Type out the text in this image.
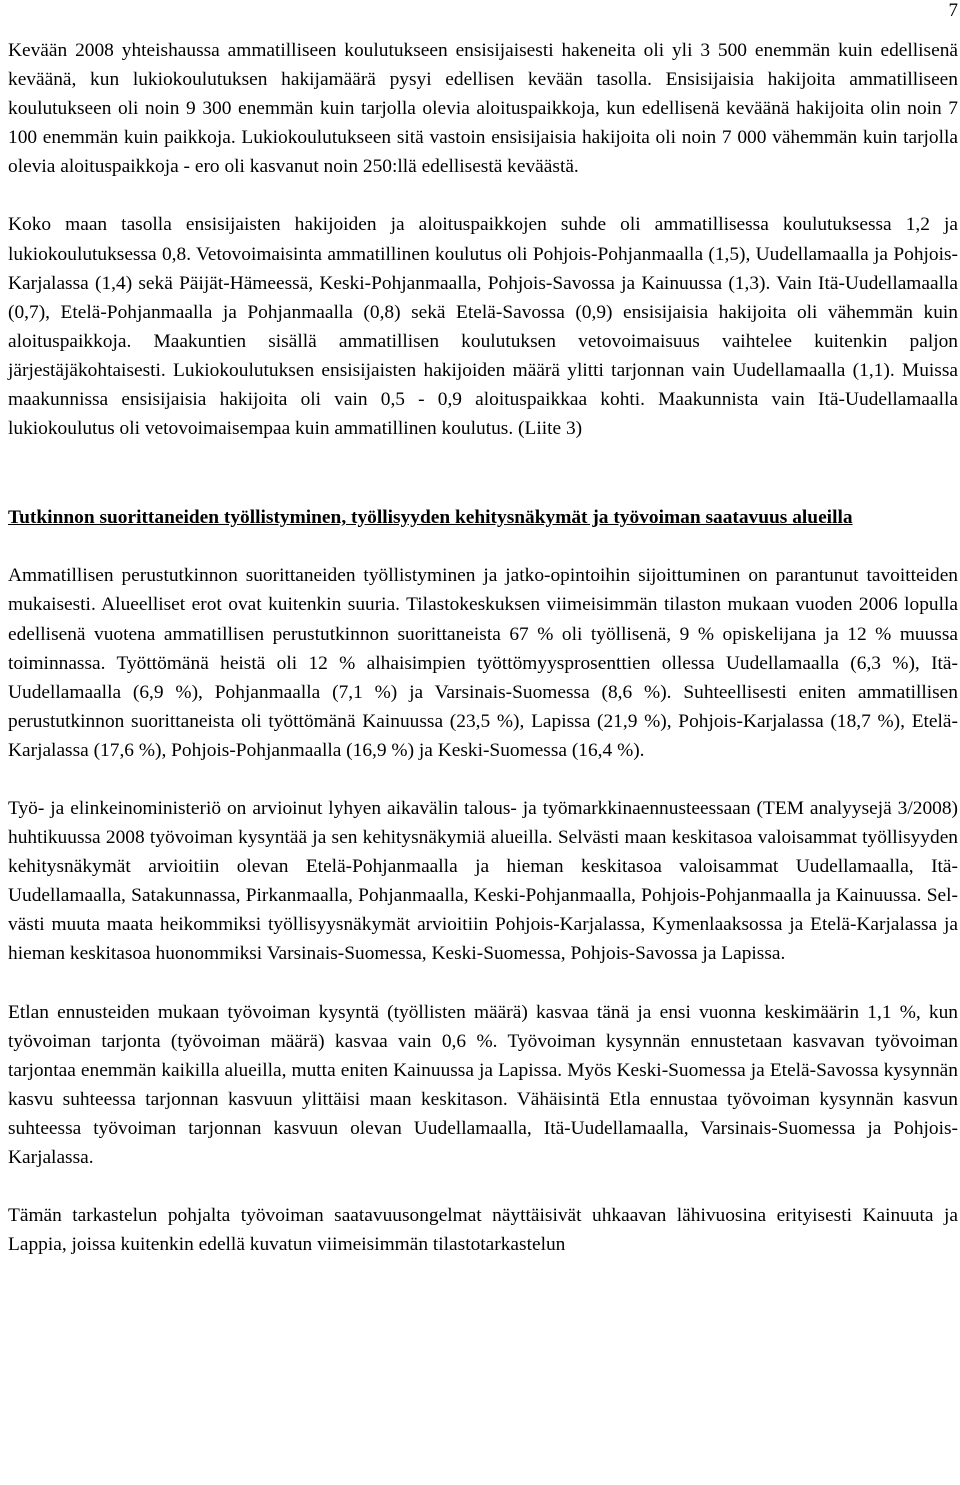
7

Kevään 2008 yhteishaussa ammatilliseen koulutukseen ensisijaisesti hakeneita oli yli 3 500 enemmän kuin edellisenä keväänä, kun lukiokoulutuksen hakijamäärä pysyi edellisen kevään tasolla. Ensisijaisia hakijoita ammatilliseen koulutukseen oli noin 9 300 enemmän kuin tarjolla olevia aloituspaikkoja, kun edellisenä keväänä hakijoita olin noin 7 100 enemmän kuin paikkoja. Lukiokoulutukseen sitä vastoin ensisijaisia hakijoita oli noin 7 000 vähemmän kuin tarjolla olevia aloituspaikkoja - ero oli kasvanut noin 250:llä edellisestä keväästä.

Koko maan tasolla ensisijaisten hakijoiden ja aloituspaikkojen suhde oli ammatillisessa koulutuksessa 1,2 ja lukiokoulutuksessa 0,8. Vetovoimaisinta ammatillinen koulutus oli Pohjois-Pohjanmaalla (1,5), Uudellamaalla ja Pohjois-Karjalassa (1,4) sekä Päijät-Hämeessä, Keski-Pohjanmaalla, Pohjois-Savossa ja Kainuussa (1,3). Vain Itä-Uudellamaalla (0,7), Etelä-Pohjanmaalla ja Pohjanmaalla (0,8) sekä Etelä-Savossa (0,9) ensisijaisia hakijoita oli vähemmän kuin aloituspaikkoja. Maakuntien sisällä ammatillisen koulutuksen vetovoimaisuus vaihtelee kuitenkin paljon järjestäjäkohtaisesti. Lukiokoulutuksen ensisijaisten hakijoiden määrä ylitti tarjonnan vain Uudellamaalla (1,1). Muissa maakunnissa ensisijaisia hakijoita oli vain 0,5 - 0,9 aloituspaikkaa kohti. Maakunnista vain Itä-Uudellamaalla lukiokoulutus oli vetovoimaisempaa kuin ammatillinen koulutus. (Liite 3)

Tutkinnon suorittaneiden työllistyminen, työllisyyden kehitysnäkymät ja työvoiman saatavuus alueilla

Ammatillisen perustutkinnon suorittaneiden työllistyminen ja jatko-opintoihin sijoittuminen on parantunut tavoitteiden mukaisesti. Alueelliset erot ovat kuitenkin suuria. Tilastokeskuksen viimeisimmän tilaston mukaan vuoden 2006 lopulla edellisenä vuotena ammatillisen perustutkinnon suorittaneista 67 % oli työllisenä, 9 % opiskelijana ja 12 % muussa toiminnassa. Työttömänä heistä oli 12 % alhaisimpien työttömyysprosenttien ollessa Uudellamaalla (6,3 %), Itä-Uudellamaalla (6,9 %), Pohjanmaalla (7,1 %) ja Varsinais-Suomessa (8,6 %). Suhteellisesti eniten ammatillisen perustutkinnon suorittaneista oli työttömänä Kainuussa (23,5 %), Lapissa (21,9 %), Pohjois-Karjalassa (18,7 %), Etelä-Karjalassa (17,6 %), Pohjois-Pohjanmaalla (16,9 %) ja Keski-Suomessa (16,4 %).

Työ- ja elinkeinoministeriö on arvioinut lyhyen aikavälin talous- ja työmarkkinaennusteessaan (TEM analyysejä 3/2008) huhtikuussa 2008 työvoiman kysyntää ja sen kehitysnäkymiä alueilla. Selvästi maan keskitasoa valoisammat työllisyyden kehitysnäkymät arvioitiin olevan Etelä-Pohjanmaalla ja hieman keskitasoa valoisammat Uudellamaalla, Itä-Uudellamaalla, Satakunnassa, Pirkanmaalla, Pohjanmaalla, Keski-Pohjanmaalla, Pohjois-Pohjanmaalla ja Kainuussa. Selvästi muuta maata heikommiksi työllisyysnäkymät arvioitiin Pohjois-Karjalassa, Kymenlaaksossa ja Etelä-Karjalassa ja hieman keskitasoa huonommiksi Varsinais-Suomessa, Keski-Suomessa, Pohjois-Savossa ja Lapissa.

Etlan ennusteiden mukaan työvoiman kysyntä (työllisten määrä) kasvaa tänä ja ensi vuonna keskimäärin 1,1 %, kun työvoiman tarjonta (työvoiman määrä) kasvaa vain 0,6 %. Työvoiman kysynnän ennustetaan kasvavan työvoiman tarjontaa enemmän kaikilla alueilla, mutta eniten Kainuussa ja Lapissa. Myös Keski-Suomessa ja Etelä-Savossa kysynnän kasvu suhteessa tarjonnan kasvuun ylittäisi maan keskitason. Vähäisintä Etla ennustaa työvoiman kysynnän kasvun suhteessa työvoiman tarjonnan kasvuun olevan Uudellamaalla, Itä-Uudellamaalla, Varsinais-Suomessa ja Pohjois-Karjalassa.

Tämän tarkastelun pohjalta työvoiman saatavuusongelmat näyttäisivät uhkaavan lähivuosina erityisesti Kainuuta ja Lappia, joissa kuitenkin edellä kuvatun viimeisimmän tilastotarkastelun
